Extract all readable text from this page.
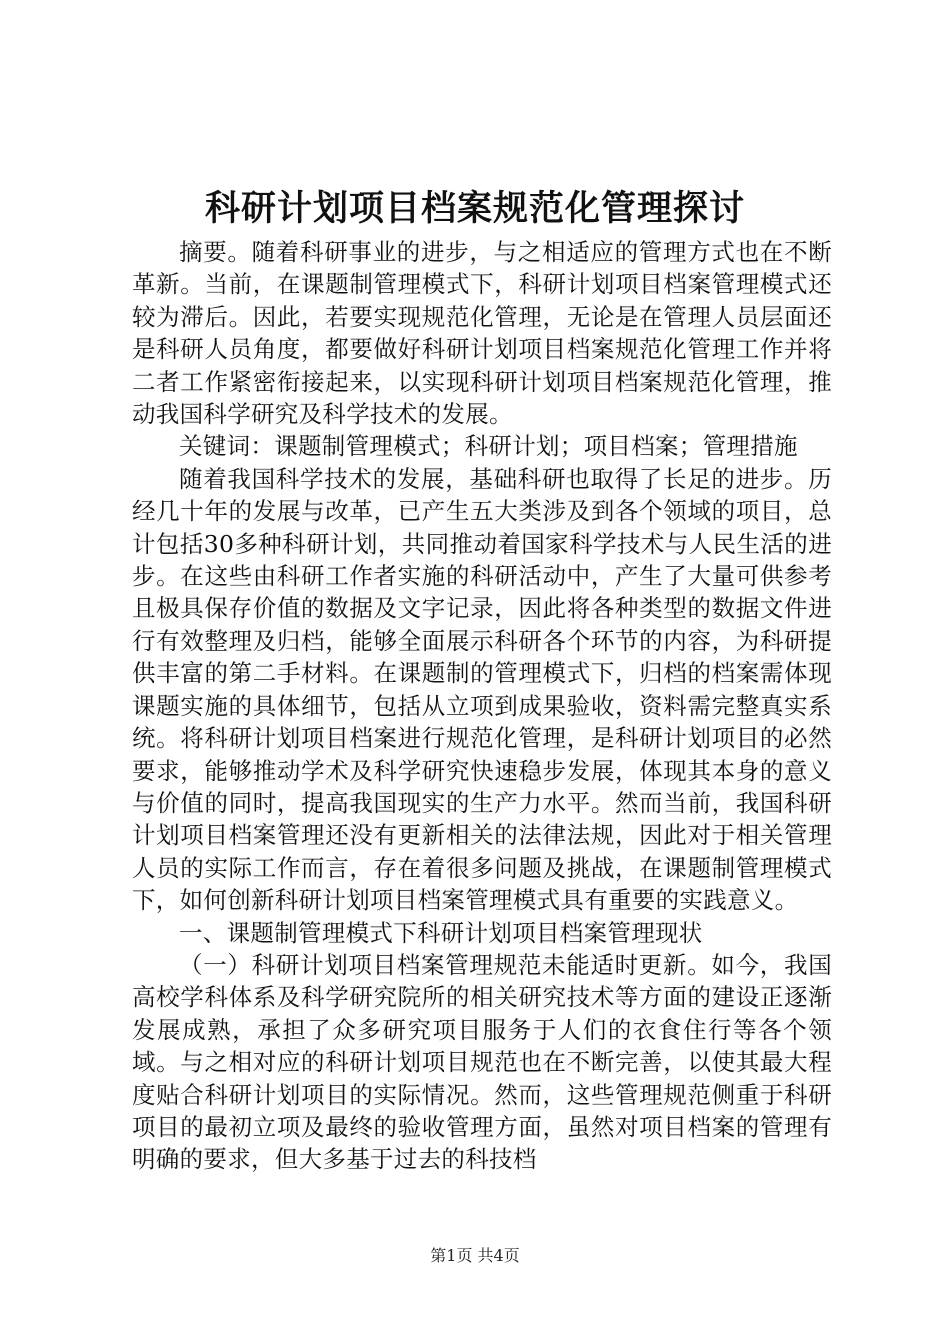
科研计划项目档案规范化管理探讨

摘要。随着科研事业的进步，与之相适应的管理方式也在不断革新。当前，在课题制管理模式下，科研计划项目档案管理模式还较为滞后。因此，若要实现规范化管理，无论是在管理人员层面还是科研人员角度，都要做好科研计划项目档案规范化管理工作并将二者工作紧密衔接起来，以实现科研计划项目档案规范化管理，推动我国科学研究及科学技术的发展。

关键词：课题制管理模式；科研计划；项目档案；管理措施

随着我国科学技术的发展，基础科研也取得了长足的进步。历经几十年的发展与改革，已产生五大类涉及到各个领域的项目，总计包括30多种科研计划，共同推动着国家科学技术与人民生活的进步。在这些由科研工作者实施的科研活动中，产生了大量可供参考且极具保存价值的数据及文字记录，因此将各种类型的数据文件进行有效整理及归档，能够全面展示科研各个环节的内容，为科研提供丰富的第二手材料。在课题制的管理模式下，归档的档案需体现课题实施的具体细节，包括从立项到成果验收，资料需完整真实系统。将科研计划项目档案进行规范化管理，是科研计划项目的必然要求，能够推动学术及科学研究快速稳步发展，体现其本身的意义与价值的同时，提高我国现实的生产力水平。然而当前，我国科研计划项目档案管理还没有更新相关的法律法规，因此对于相关管理人员的实际工作而言，存在着很多问题及挑战，在课题制管理模式下，如何创新科研计划项目档案管理模式具有重要的实践意义。

一、课题制管理模式下科研计划项目档案管理现状

（一）科研计划项目档案管理规范未能适时更新。如今，我国高校学科体系及科学研究院所的相关研究技术等方面的建设正逐渐发展成熟，承担了众多研究项目服务于人们的衣食住行等各个领域。与之相对应的科研计划项目规范也在不断完善，以使其最大程度贴合科研计划项目的实际情况。然而，这些管理规范侧重于科研项目的最初立项及最终的验收管理方面，虽然对项目档案的管理有明确的要求，但大多基于过去的科技档

第1页 共4页
